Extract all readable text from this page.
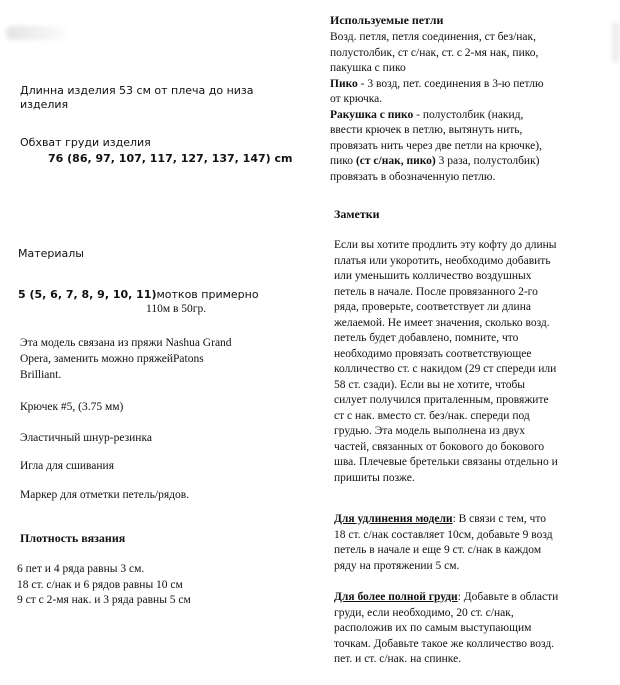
Длинна изделия 53 см от плеча до низа
изделия
Обхват груди изделия
76 (86, 97, 107, 117, 127, 137, 147) cm
Материалы
5 (5, 6, 7, 8, 9, 10, 11)мотков примерно
110м в 50гр.
Эта модель связана из пряжи Nashua Grand
Opera, заменить можно пряжейPatons
Brilliant.
Крючек #5, (3.75 мм)
Эластичный шнур-резинка
Игла для сшивания
Маркер для отметки петель/рядов.
Плотность вязания
6 пет и 4 ряда равны 3 см.
18 ст. с/нак и 6 рядов равны 10 см
9 ст с 2-мя нак. и 3 ряда равны 5 см
Используемые петли
Возд. петля, петля соединения, ст без/нак,
полустолбик, ст с/нак, ст. с 2-мя нак, пико,
пакушка с пико
Пико - 3 возд, пет. соединения в 3-ю петлю
от крючка.
Ракушка с пико - полустолбик (накид,
ввести крючек в петлю, вытянуть нить,
провязать нить через две петли на крючке),
пико (ст с/нак, пико) 3 раза, полустолбик)
провязать в обозначенную петлю.
Заметки
Если вы хотите продлить эту кофту до длины
платья или укоротить, необходимо добавить
или уменьшить колличество воздушных
петель в начале. После провязанного 2-го
ряда, проверьте, соответствует ли длина
желаемой. Не имеет значения, сколько возд.
петель будет добавлено, помните, что
необходимо провязать соответствующее
колличество ст. с накидом (29 ст спереди или
58 ст. сзади). Если вы не хотите, чтобы
силует получился приталенным, провяжите
ст с нак. вместо ст. без/нак. спереди под
грудью. Эта модель выполнена из двух
частей, связанных от бокового до бокового
шва. Плечевые бретельки связаны отдельно и
пришиты позже.
Для удлинения модели: В связи с тем, что
18 ст. с/нак составляет 10см, добавьте 9 возд
петель в начале и еще 9 ст. с/нак в каждом
ряду на протяжении 5 см.
Для более полной груди: Добавьте в области
груди, если необходимо, 20 ст. с/нак,
расположив их по самым выступающим
точкам. Добавьте такое же колличество возд.
пет. и ст. с/нак. на спинке.
